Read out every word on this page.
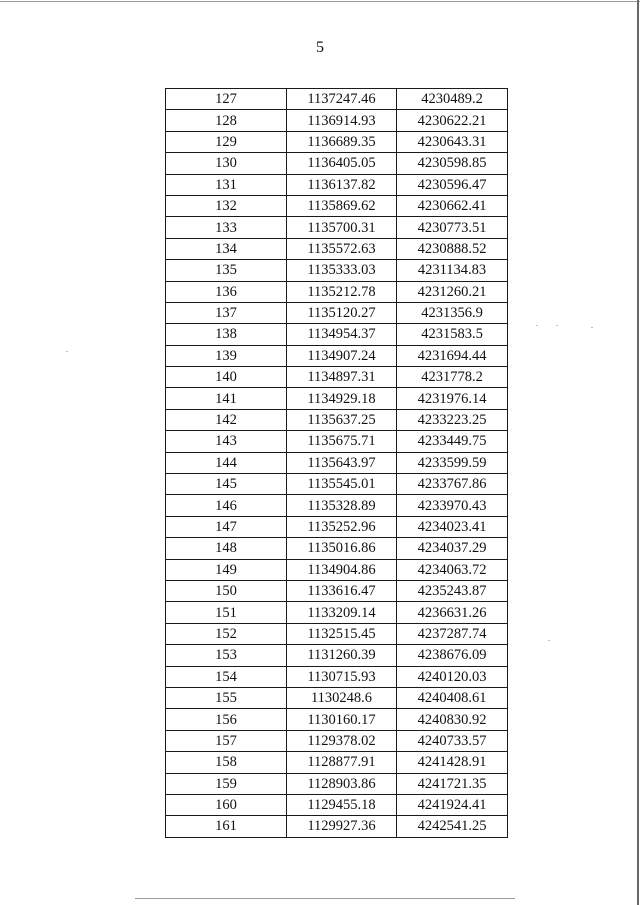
5
127	1137247.46	4230489.2
128	1136914.93	4230622.21
129	1136689.35	4230643.31
130	1136405.05	4230598.85
131	1136137.82	4230596.47
132	1135869.62	4230662.41
133	1135700.31	4230773.51
134	1135572.63	4230888.52
135	1135333.03	4231134.83
136	1135212.78	4231260.21
137	1135120.27	4231356.9
138	1134954.37	4231583.5
139	1134907.24	4231694.44
140	1134897.31	4231778.2
141	1134929.18	4231976.14
142	1135637.25	4233223.25
143	1135675.71	4233449.75
144	1135643.97	4233599.59
145	1135545.01	4233767.86
146	1135328.89	4233970.43
147	1135252.96	4234023.41
148	1135016.86	4234037.29
149	1134904.86	4234063.72
150	1133616.47	4235243.87
151	1133209.14	4236631.26
152	1132515.45	4237287.74
153	1131260.39	4238676.09
154	1130715.93	4240120.03
155	1130248.6	4240408.61
156	1130160.17	4240830.92
157	1129378.02	4240733.57
158	1128877.91	4241428.91
159	1128903.86	4241721.35
160	1129455.18	4241924.41
161	1129927.36	4242541.25
